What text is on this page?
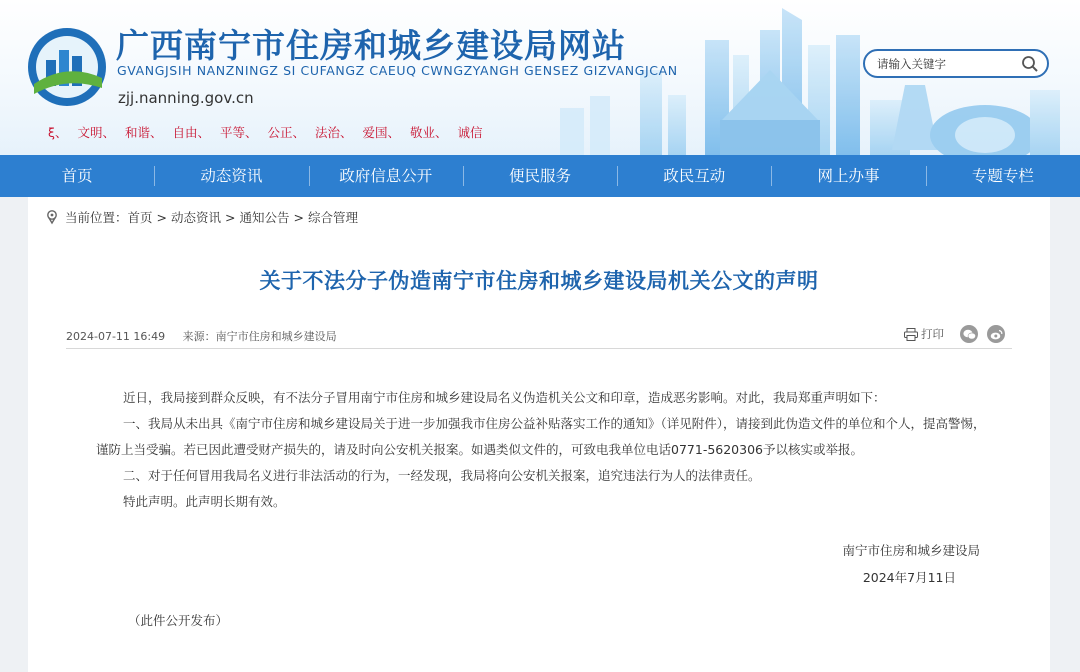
广西南宁市住房和城乡建设局网站
GVANGJSIH NANZNINGZ SI CUFANGZ CAEUQ CWNGZYANGH GENSEZ GIZVANGJCAN
zjj.nanning.gov.cn
ξ、 文明、 和谐、 自由、 平等、 公正、 法治、 爱国、 敬业、 诚信
请输入关键字
首页	动态资讯	政府信息公开	便民服务	政民互动	网上办事	专题专栏
当前位置： 首页 > 动态资讯 > 通知公告 > 综合管理
关于不法分子伪造南宁市住房和城乡建设局机关公文的声明
2024-07-11 16:49 来源：南宁市住房和城乡建设局	打印

近日，我局接到群众反映，有不法分子冒用南宁市住房和城乡建设局名义伪造机关公文和印章，造成恶劣影响。对此，我局郑重声明如下：

一、我局从未出具《南宁市住房和城乡建设局关于进一步加强我市住房公益补贴落实工作的通知》（详见附件），请接到此伪造文件的单位和个人，提高警惕，谨防上当受骗。若已因此遭受财产损失的，请及时向公安机关报案。如遇类似文件的，可致电我单位电话0771-5620306予以核实或举报。

二、对于任何冒用我局名义进行非法活动的行为，一经发现，我局将向公安机关报案，追究违法行为人的法律责任。

特此声明。此声明长期有效。

南宁市住房和城乡建设局
2024年7月11日
（此件公开发布）
